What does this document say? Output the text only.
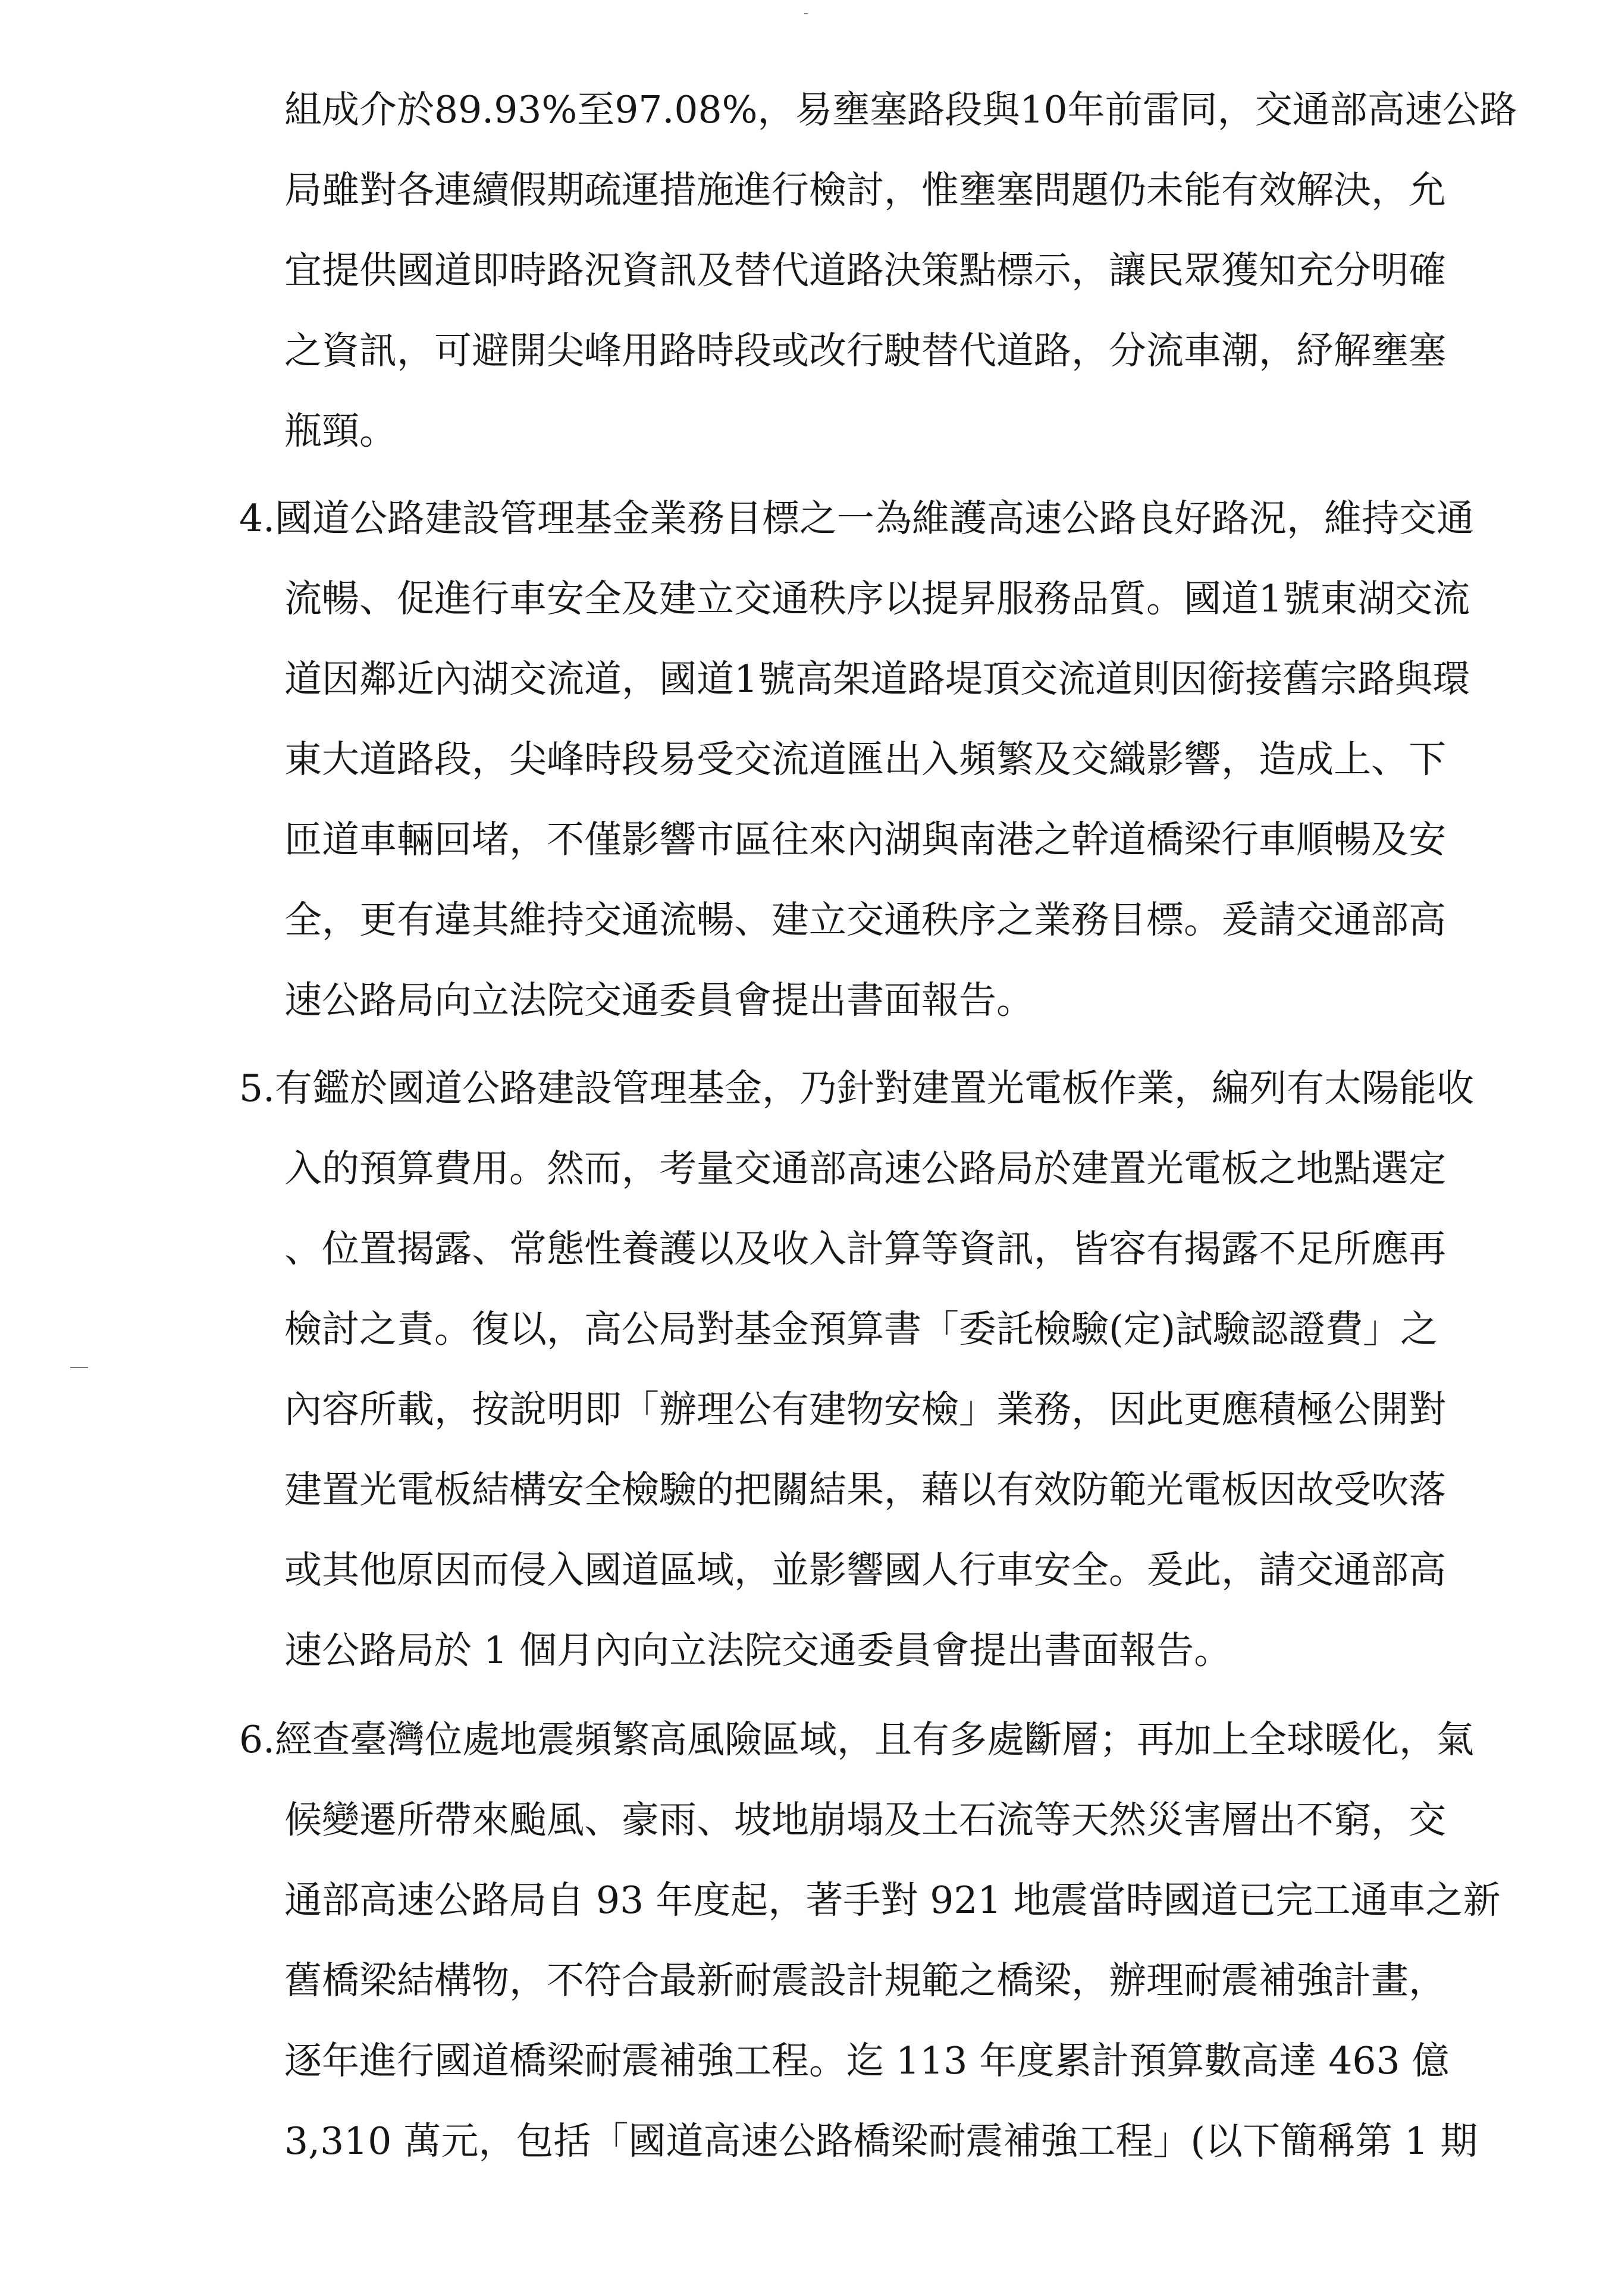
組成介於89.93%至97.08%，易壅塞路段與10年前雷同，交通部高速公路
局雖對各連續假期疏運措施進行檢討，惟壅塞問題仍未能有效解決，允
宜提供國道即時路況資訊及替代道路決策點標示，讓民眾獲知充分明確
之資訊，可避開尖峰用路時段或改行駛替代道路，分流車潮，紓解壅塞
瓶頸。
4. 國道公路建設管理基金業務目標之一為維護高速公路良好路況，維持交通
流暢、促進行車安全及建立交通秩序以提昇服務品質。國道1號東湖交流
道因鄰近內湖交流道，國道1號高架道路堤頂交流道則因銜接舊宗路與環
東大道路段，尖峰時段易受交流道匯出入頻繁及交織影響，造成上、下
匝道車輛回堵，不僅影響市區往來內湖與南港之幹道橋梁行車順暢及安
全，更有違其維持交通流暢、建立交通秩序之業務目標。爰請交通部高
速公路局向立法院交通委員會提出書面報告。
5. 有鑑於國道公路建設管理基金，乃針對建置光電板作業，編列有太陽能收
入的預算費用。然而，考量交通部高速公路局於建置光電板之地點選定
、位置揭露、常態性養護以及收入計算等資訊，皆容有揭露不足所應再
檢討之責。復以，高公局對基金預算書「委託檢驗(定)試驗認證費」之
內容所載，按說明即「辦理公有建物安檢」業務，因此更應積極公開對
建置光電板結構安全檢驗的把關結果，藉以有效防範光電板因故受吹落
或其他原因而侵入國道區域，並影響國人行車安全。爰此，請交通部高
速公路局於 1 個月內向立法院交通委員會提出書面報告。
6. 經查臺灣位處地震頻繁高風險區域，且有多處斷層；再加上全球暖化，氣
候變遷所帶來颱風、豪雨、坡地崩塌及土石流等天然災害層出不窮，交
通部高速公路局自 93 年度起，著手對 921 地震當時國道已完工通車之新
舊橋梁結構物，不符合最新耐震設計規範之橋梁，辦理耐震補強計畫，
逐年進行國道橋梁耐震補強工程。迄 113 年度累計預算數高達 463 億
3,310 萬元，包括「國道高速公路橋梁耐震補強工程」(以下簡稱第 1 期
